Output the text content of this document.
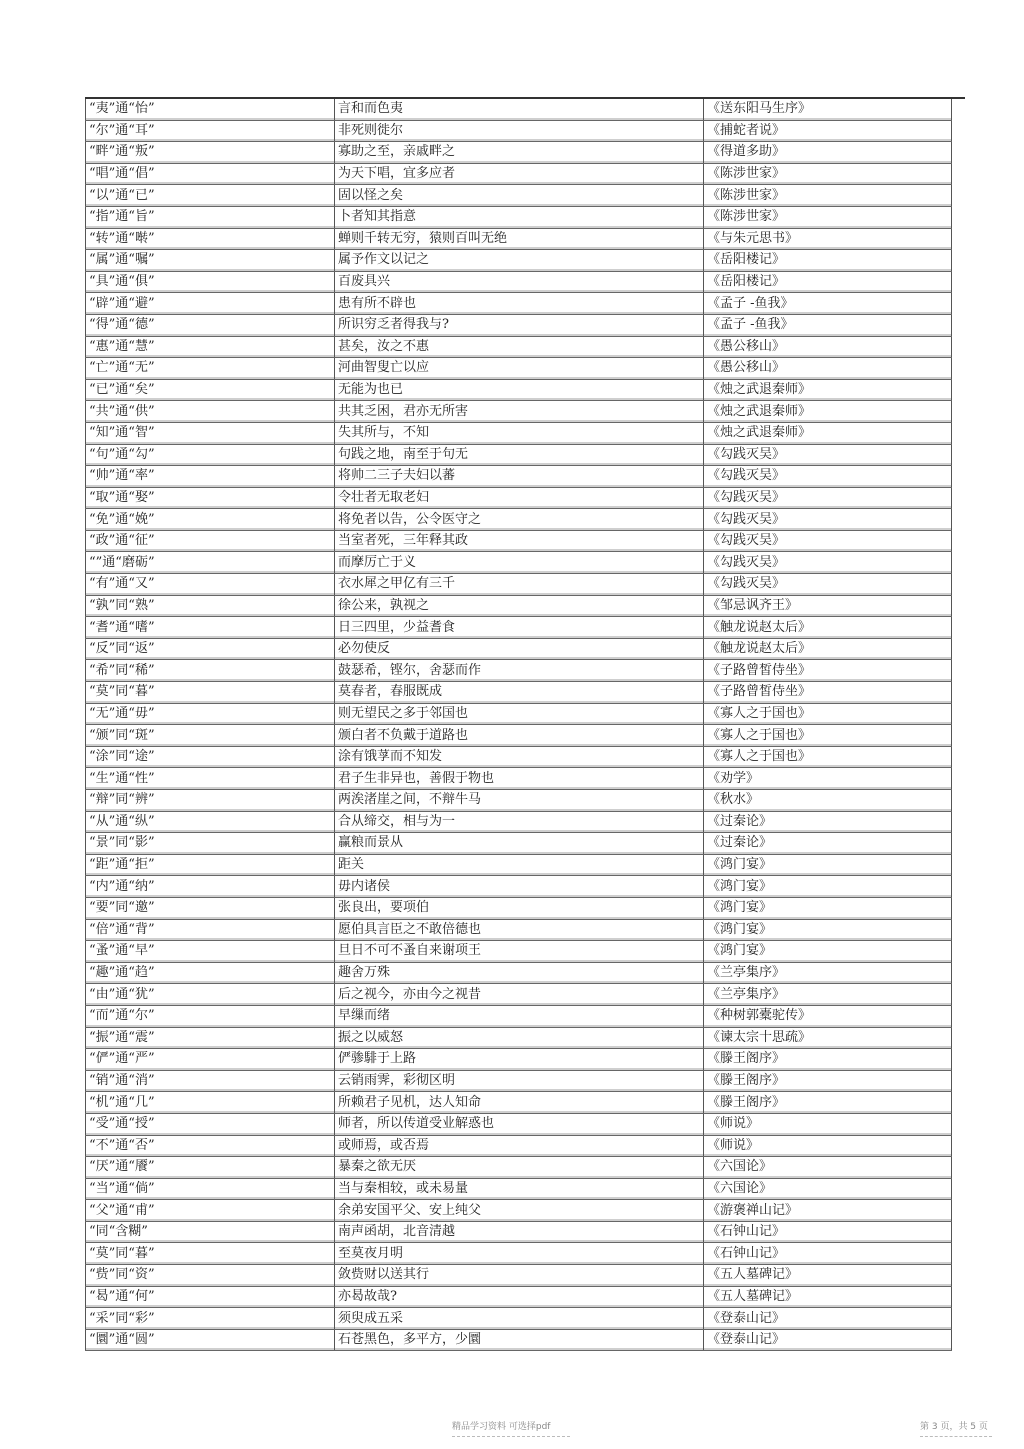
“夷”通“怡”	言和而色夷	《送东阳马生序》
“尔”通“耳”	非死则徙尔	《捕蛇者说》
“畔”通“叛”	寡助之至，亲戚畔之	《得道多助》
“唱”通“倡”	为天下唱，宜多应者	《陈涉世家》
“以”通“已”	固以怪之矣	《陈涉世家》
“指”通“旨”	卜者知其指意	《陈涉世家》
“转”通“啭”	蝉则千转无穷，猿则百叫无绝	《与朱元思书》
“属”通“嘱”	属予作文以记之	《岳阳楼记》
“具”通“俱”	百废具兴	《岳阳楼记》
“辟”通“避”	患有所不辟也	《孟子 -鱼我》
“得”通“德”	所识穷乏者得我与?	《孟子 -鱼我》
“惠”通“慧”	甚矣，汝之不惠	《愚公移山》
“亡”通“无”	河曲智叟亡以应	《愚公移山》
“已”通“矣”	无能为也已	《烛之武退秦师》
“共”通“供”	共其乏困，君亦无所害	《烛之武退秦师》
“知”通“智”	失其所与，不知	《烛之武退秦师》
“句”通“勾”	句践之地，南至于句无	《勾践灭吴》
“帅”通“率”	将帅二三子夫妇以蕃	《勾践灭吴》
“取”通“娶”	令壮者无取老妇	《勾践灭吴》
“免”通“娩”	将免者以告，公令医守之	《勾践灭吴》
“政”通“征”	当室者死，三年释其政	《勾践灭吴》
“”通“磨砺”	而摩厉亡于义	《勾践灭吴》
“有”通“又”	衣水犀之甲亿有三千	《勾践灭吴》
“孰”同“熟”	徐公来，孰视之	《邹忌讽齐王》
“耆”通“嗜”	日三四里，少益耆食	《触龙说赵太后》
“反”同“返”	必勿使反	《触龙说赵太后》
“希”同“稀”	鼓瑟希，铿尔，舍瑟而作	《子路曾皙侍坐》
“莫”同“暮”	莫春者，春服既成	《子路曾皙侍坐》
“无”通“毋”	则无望民之多于邻国也	《寡人之于国也》
“颁”同“斑”	颁白者不负戴于道路也	《寡人之于国也》
“涂”同“途”	涂有饿莩而不知发	《寡人之于国也》
“生”通“性”	君子生非异也，善假于物也	《劝学》
“辩”同“辨”	两涘渚崖之间，不辩牛马	《秋水》
“从”通“纵”	合从缔交，相与为一	《过秦论》
“景”同“影”	赢粮而景从	《过秦论》
“距”通“拒”	距关	《鸿门宴》
“内”通“纳”	毋内诸侯	《鸿门宴》
“要”同“邀”	张良出，要项伯	《鸿门宴》
“倍”通“背”	愿伯具言臣之不敢倍德也	《鸿门宴》
“蚤”通“早”	旦日不可不蚤自来谢项王	《鸿门宴》
“趣”通“趋”	趣舍万殊	《兰亭集序》
“由”通“犹”	后之视今，亦由今之视昔	《兰亭集序》
“而”通“尔”	早缫而绪	《种树郭橐驼传》
“振”通“震”	振之以威怒	《谏太宗十思疏》
“俨”通“严”	俨骖騑于上路	《滕王阁序》
“销”通“消”	云销雨霁，彩彻区明	《滕王阁序》
“机”通“几”	所赖君子见机，达人知命	《滕王阁序》
“受”通“授”	师者，所以传道受业解惑也	《师说》
“不”通“否”	或师焉，或否焉	《师说》
“厌”通“餍”	暴秦之欲无厌	《六国论》
“当”通“倘”	当与秦相较，或未易量	《六国论》
“父”通“甫”	余弟安国平父、安上纯父	《游褒禅山记》
“同“含糊”	南声函胡，北音清越	《石钟山记》
“莫”同“暮”	至莫夜月明	《石钟山记》
“赀”同“资”	敛赀财以送其行	《五人墓碑记》
“曷”通“何”	亦曷故哉?	《五人墓碑记》
“采”同“彩”	须臾成五采	《登泰山记》
“圜”通“圆”	石苍黑色，多平方，少圜	《登泰山记》
精品学习资料 可选择pdf	第 3 页，共 5 页
